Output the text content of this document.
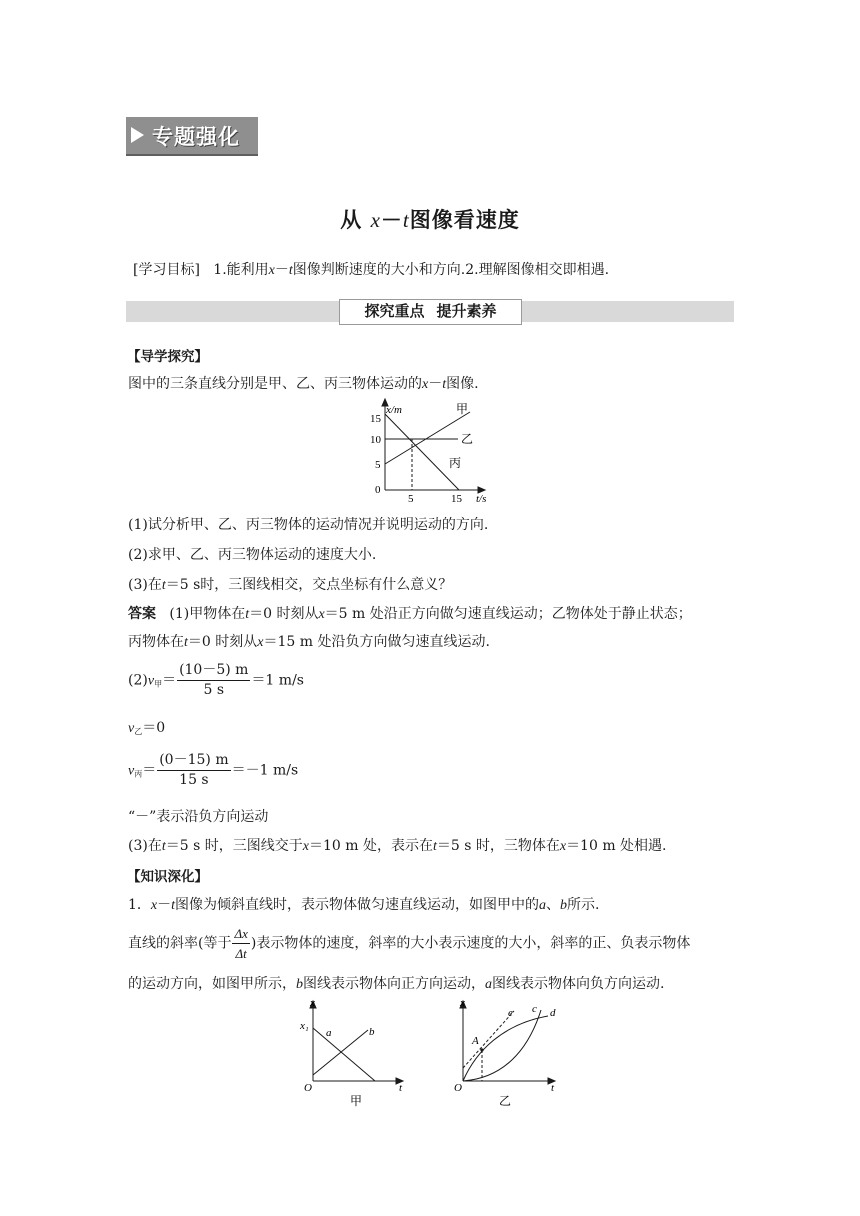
专题强化
从 x－t图像看速度
[学习目标] 1.能利用x－t图像判断速度的大小和方向.2.理解图像相交即相遇.
探究重点 提升素养
【导学探究】
图中的三条直线分别是甲、乙、丙三物体运动的x－t图像.
x/m
15
10
5
0
5	15 t/s
甲
乙
丙
(1)试分析甲、乙、丙三物体的运动情况并说明运动的方向.
(2)求甲、乙、丙三物体运动的速度大小.
(3)在t＝5 s时，三图线相交，交点坐标有什么意义？
答案 (1)甲物体在t＝0 时刻从x＝5 m 处沿正方向做匀速直线运动；乙物体处于静止状态；
丙物体在t＝0 时刻从x＝15 m 处沿负方向做匀速直线运动.
$(2)v_甲= \frac{(10-5) m}{5 s} =1$ m/s
$v_乙=0$
$v_丙= \frac{(0-15) m}{15 s} =-1$ m/s
“－”表示沿负方向运动
(3)在t＝5 s 时，三图线交于x＝10 m 处，表示在t＝5 s 时，三物体在x＝10 m 处相遇.
【知识深化】
1．x－t图像为倾斜直线时，表示物体做匀速直线运动，如图甲中的a、b所示.
直线的斜率(等于 $\frac{\Delta x}{\Delta t}$ )表示物体的速度，斜率的大小表示速度的大小，斜率的正、负表示物体
的运动方向，如图甲所示，b图线表示物体向正方向运动，a图线表示物体向负方向运动.
x
x₁
a	b
O	t
甲
x
A
e c d
O	t
乙
